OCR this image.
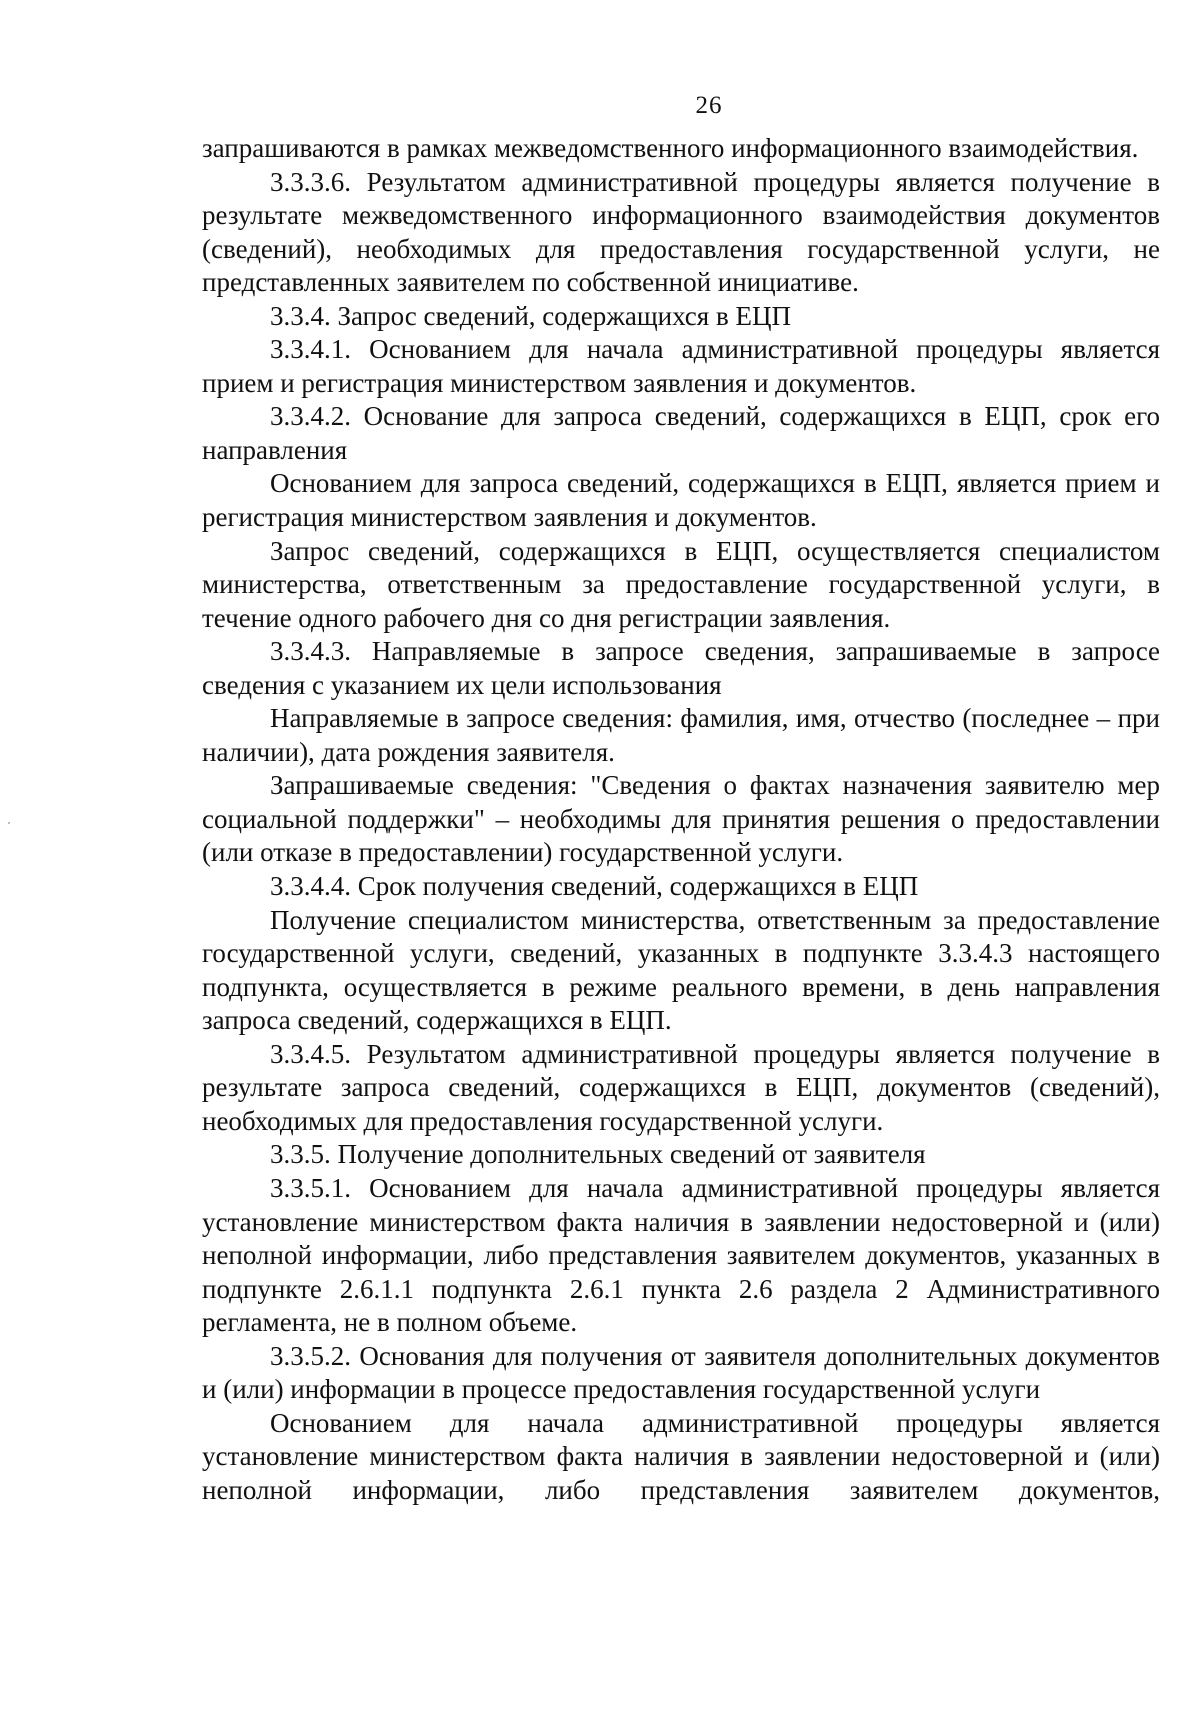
26

запрашиваются в рамках межведомственного информационного взаимодействия.

3.3.3.6. Результатом административной процедуры является получение в результате межведомственного информационного взаимодействия документов (сведений), необходимых для предоставления государственной услуги, не представленных заявителем по собственной инициативе.

3.3.4. Запрос сведений, содержащихся в ЕЦП

3.3.4.1. Основанием для начала административной процедуры является прием и регистрация министерством заявления и документов.

3.3.4.2. Основание для запроса сведений, содержащихся в ЕЦП, срок его направления

Основанием для запроса сведений, содержащихся в ЕЦП, является прием и регистрация министерством заявления и документов.

Запрос сведений, содержащихся в ЕЦП, осуществляется специалистом министерства, ответственным за предоставление государственной услуги, в течение одного рабочего дня со дня регистрации заявления.

3.3.4.3. Направляемые в запросе сведения, запрашиваемые в запросе сведения с указанием их цели использования

Направляемые в запросе сведения: фамилия, имя, отчество (последнее – при наличии), дата рождения заявителя.

Запрашиваемые сведения: "Сведения о фактах назначения заявителю мер социальной поддержки" – необходимы для принятия решения о предоставлении (или отказе в предоставлении) государственной услуги.

3.3.4.4. Срок получения сведений, содержащихся в ЕЦП

Получение специалистом министерства, ответственным за предоставление государственной услуги, сведений, указанных в подпункте 3.3.4.3 настоящего подпункта, осуществляется в режиме реального времени, в день направления запроса сведений, содержащихся в ЕЦП.

3.3.4.5. Результатом административной процедуры является получение в результате запроса сведений, содержащихся в ЕЦП, документов (сведений), необходимых для предоставления государственной услуги.

3.3.5. Получение дополнительных сведений от заявителя

3.3.5.1. Основанием для начала административной процедуры является установление министерством факта наличия в заявлении недостоверной и (или) неполной информации, либо представления заявителем документов, указанных в подпункте 2.6.1.1 подпункта 2.6.1 пункта 2.6 раздела 2 Административного регламента, не в полном объеме.

3.3.5.2. Основания для получения от заявителя дополнительных документов и (или) информации в процессе предоставления государственной услуги

Основанием для начала административной процедуры является установление министерством факта наличия в заявлении недостоверной и (или) неполной информации, либо представления заявителем документов,
